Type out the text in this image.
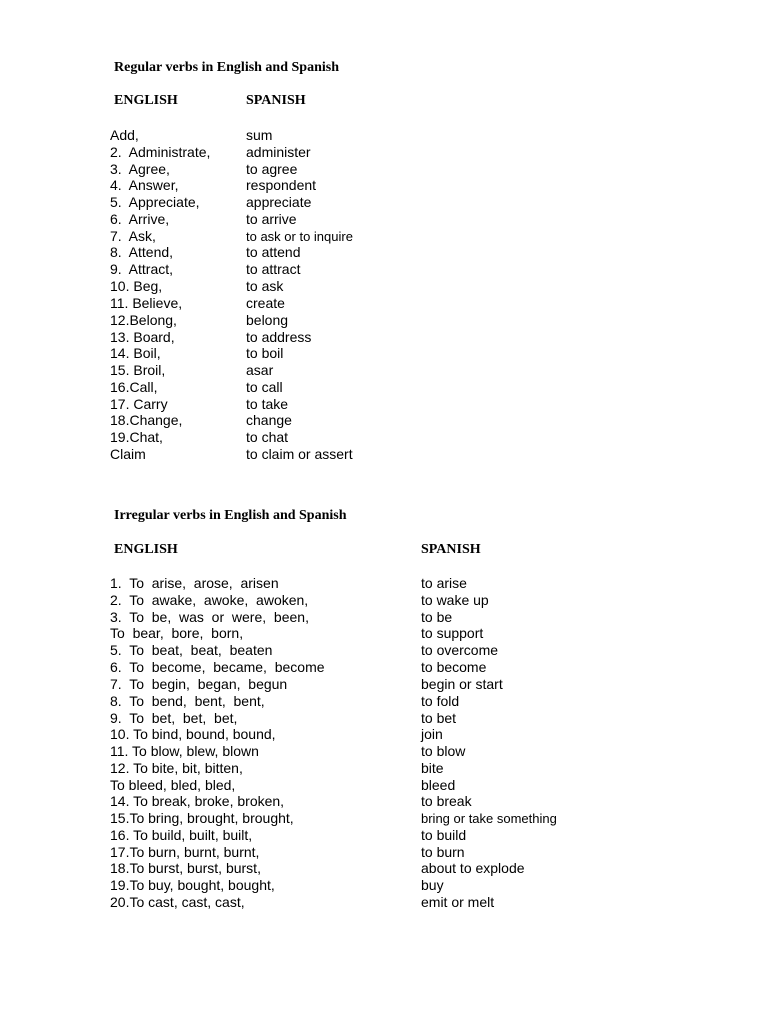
Regular verbs in English and Spanish
ENGLISH	SPANISH
Add,	sum
2.  Administrate,	administer
3.  Agree,	to agree
4.  Answer,	respondent
5.  Appreciate,	appreciate
6.  Arrive,	to arrive
7.  Ask,	to ask or to inquire
8.  Attend,	to attend
9.  Attract,	to attract
10. Beg,	to ask
11. Believe,	create
12.Belong,	belong
13. Board,	to address
14. Boil,	to boil
15. Broil,	asar
16.Call,	to call
17. Carry	to take
18.Change,	change
19.Chat,	to chat
Claim	to claim or assert
Irregular verbs in English and Spanish
ENGLISH	SPANISH
1.  To  arise,  arose,  arisen	to arise
2.  To  awake,  awoke,  awoken,	to wake up
3.  To  be,  was  or  were,  been,	to be
To  bear,  bore,  born,	to support
5.  To  beat,  beat,  beaten	to overcome
6.  To  become,  became,  become	to become
7.  To  begin,  began,  begun	begin or start
8.  To  bend,  bent,  bent,	to fold
9.  To  bet,  bet,  bet,	to bet
10. To bind, bound, bound,	join
11. To blow, blew, blown	to blow
12. To bite, bit, bitten,	bite
To bleed, bled, bled,	bleed
14. To break, broke, broken,	to break
15.To bring, brought, brought,	bring or take something
16. To build, built, built,	to build
17.To burn, burnt, burnt,	to burn
18.To burst, burst, burst,	about to explode
19.To buy, bought, bought,	buy
20.To cast, cast, cast,	emit or melt
